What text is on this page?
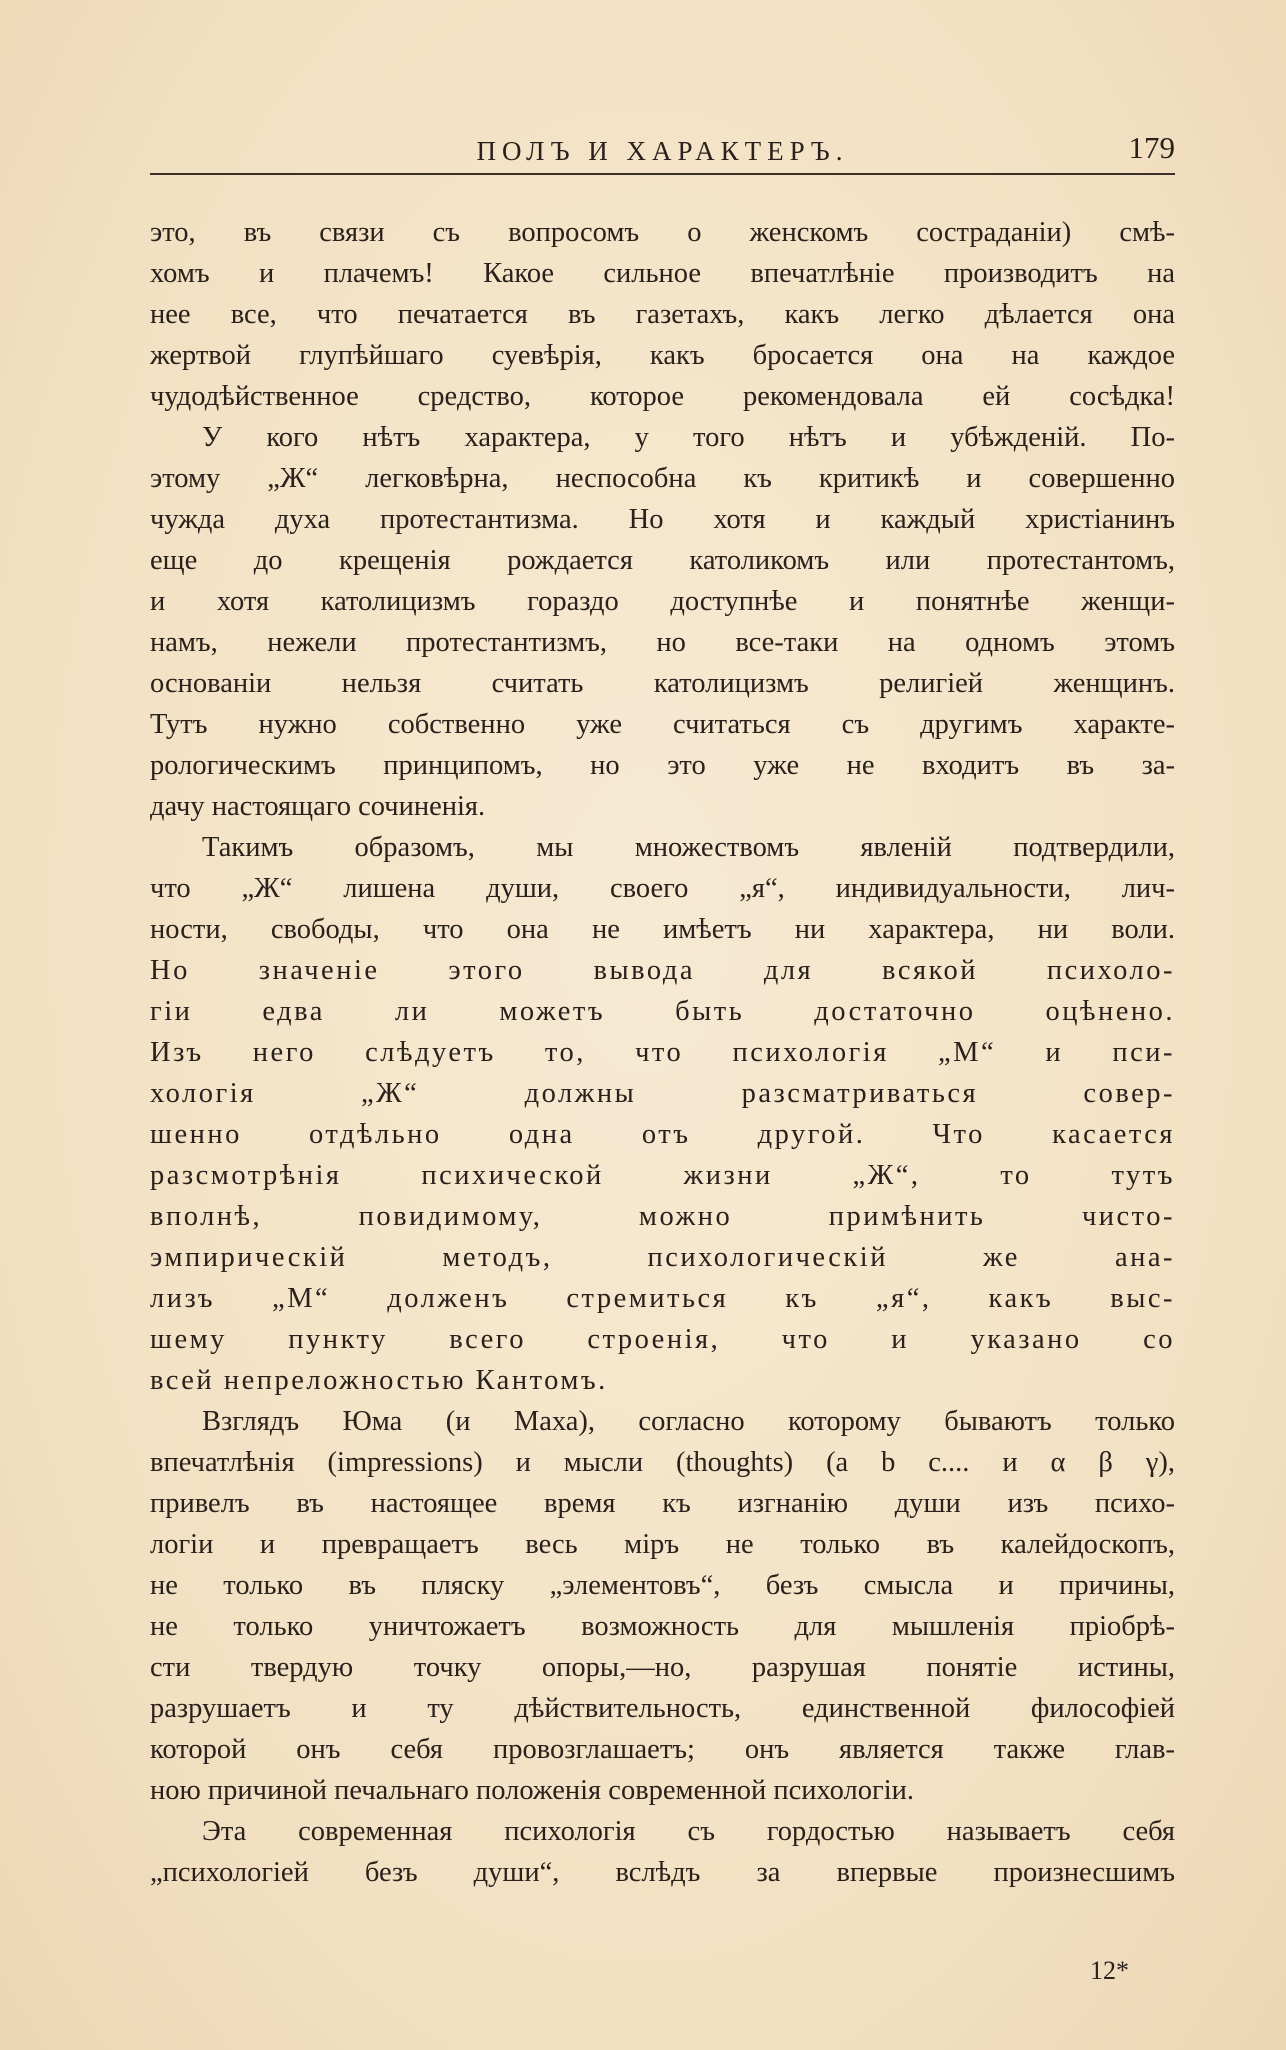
ПОЛЪ И ХАРАКТЕРЪ.	179
это, въ связи съ вопросомъ о женскомъ состраданіи) смѣ-
хомъ и плачемъ! Какое сильное впечатлѣніе производитъ на
нее все, что печатается въ газетахъ, какъ легко дѣлается она
жертвой глупѣйшаго суевѣрія, какъ бросается она на каждое
чудодѣйственное средство, которое рекомендовала ей сосѣдка!
У кого нѣтъ характера, у того нѣтъ и убѣжденій. По-
этому „Ж“ легковѣрна, неспособна къ критикѣ и совершенно
чужда духа протестантизма. Но хотя и каждый христіанинъ
еще до крещенія рождается католикомъ или протестантомъ,
и хотя католицизмъ гораздо доступнѣе и понятнѣе женщи-
намъ, нежели протестантизмъ, но все-таки на одномъ этомъ
основаніи нельзя считать католицизмъ религіей женщинъ.
Тутъ нужно собственно уже считаться съ другимъ характе-
рологическимъ принципомъ, но это уже не входитъ въ за-
дачу настоящаго сочиненія.
Такимъ образомъ, мы множествомъ явленій подтвердили,
что „Ж“ лишена души, своего „я“, индивидуальности, лич-
ности, свободы, что она не имѣетъ ни характера, ни воли.
Но значеніе этого вывода для всякой психоло-
гіи едва ли можетъ быть достаточно оцѣнено.
Изъ него слѣдуетъ то, что психологія „М“ и пси-
хологія „Ж“ должны разсматриваться совер-
шенно отдѣльно одна отъ другой. Что касается
разсмотрѣнія психической жизни „Ж“, то тутъ
вполнѣ, повидимому, можно примѣнить чисто-
эмпирическій методъ, психологическій же ана-
лизъ „М“ долженъ стремиться къ „я“, какъ выс-
шему пункту всего строенія, что и указано со
всей непреложностью Кантомъ.
Взглядъ Юма (и Маха), согласно которому бываютъ только
впечатлѣнія (impressions) и мысли (thoughts) (a b c.... и α β γ),
привелъ въ настоящее время къ изгнанію души изъ психо-
логіи и превращаетъ весь міръ не только въ калейдоскопъ,
не только въ пляску „элементовъ“, безъ смысла и причины,
не только уничтожаетъ возможность для мышленія пріобрѣ-
сти твердую точку опоры,—но, разрушая понятіе истины,
разрушаетъ и ту дѣйствительность, единственной философіей
которой онъ себя провозглашаетъ; онъ является также глав-
ною причиной печальнаго положенія современной психологіи.
Эта современная психологія съ гордостью называетъ себя
„психологіей безъ души“, вслѣдъ за впервые произнесшимъ
12*
